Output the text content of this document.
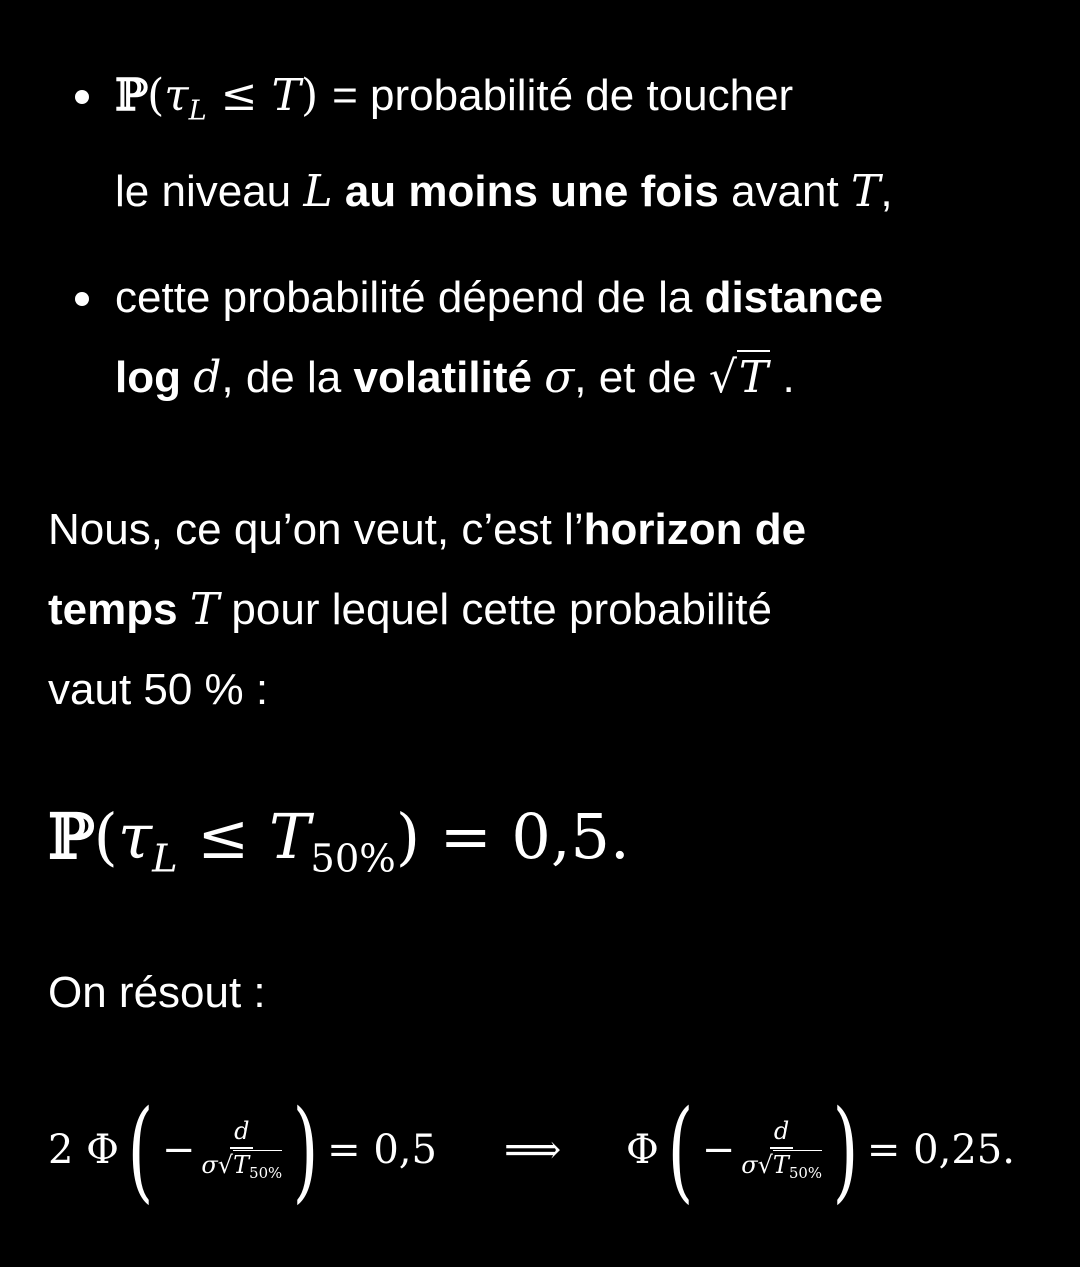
$ℙ(\tau_L \le T)$ = probabilité de toucher
le niveau L au moins une fois avant T,
cette probabilité dépend de la distance
log d, de la volatilité σ, et de √T .
Nous, ce qu’on veut, c’est l’horizon de
temps T pour lequel cette probabilité
vaut 50 % :
$ℙ(\tau_L \le T_{50\%}) = 0,5$.
On résout :
2 Φ ( − $\frac{d}{\sigma√T_{50\%}}$ ) = 0,5 ⟹ Φ ( − $\frac{d}{\sigma√T_{50\%}}$ ) = 0,25.
